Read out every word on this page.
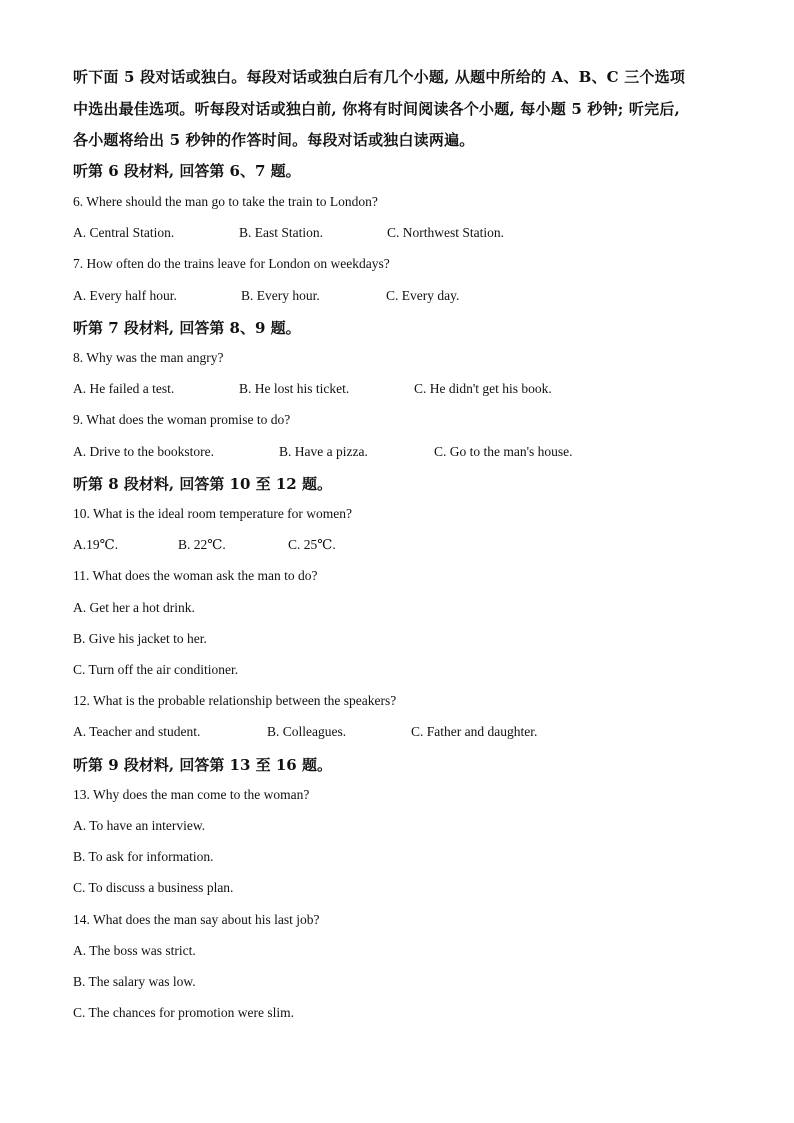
听下面 5 段对话或独白。每段对话或独白后有几个小题, 从题中所给的 A、B、C 三个选项
中选出最佳选项。听每段对话或独白前, 你将有时间阅读各个小题, 每小题 5 秒钟; 听完后,
各小题将给出 5 秒钟的作答时间。每段对话或独白读两遍。
听第 6 段材料, 回答第 6、7 题。
6. Where should the man go to take the train to London?
A. Central Station.	B. East Station.	C. Northwest Station.
7. How often do the trains leave for London on weekdays?
A. Every half hour.	B. Every hour.	C. Every day.
听第 7 段材料, 回答第 8、9 题。
8. Why was the man angry?
A. He failed a test.	B. He lost his ticket.	C. He didn't get his book.
9. What does the woman promise to do?
A. Drive to the bookstore.	B. Have a pizza.	C. Go to the man's house.
听第 8 段材料, 回答第 10 至 12 题。
10. What is the ideal room temperature for women?
A.19℃.	B. 22℃.	C. 25℃.
11. What does the woman ask the man to do?
A. Get her a hot drink.
B. Give his jacket to her.
C. Turn off the air conditioner.
12. What is the probable relationship between the speakers?
A. Teacher and student.	B. Colleagues.	C. Father and daughter.
听第 9 段材料, 回答第 13 至 16 题。
13. Why does the man come to the woman?
A. To have an interview.
B. To ask for information.
C. To discuss a business plan.
14. What does the man say about his last job?
A. The boss was strict.
B. The salary was low.
C. The chances for promotion were slim.
